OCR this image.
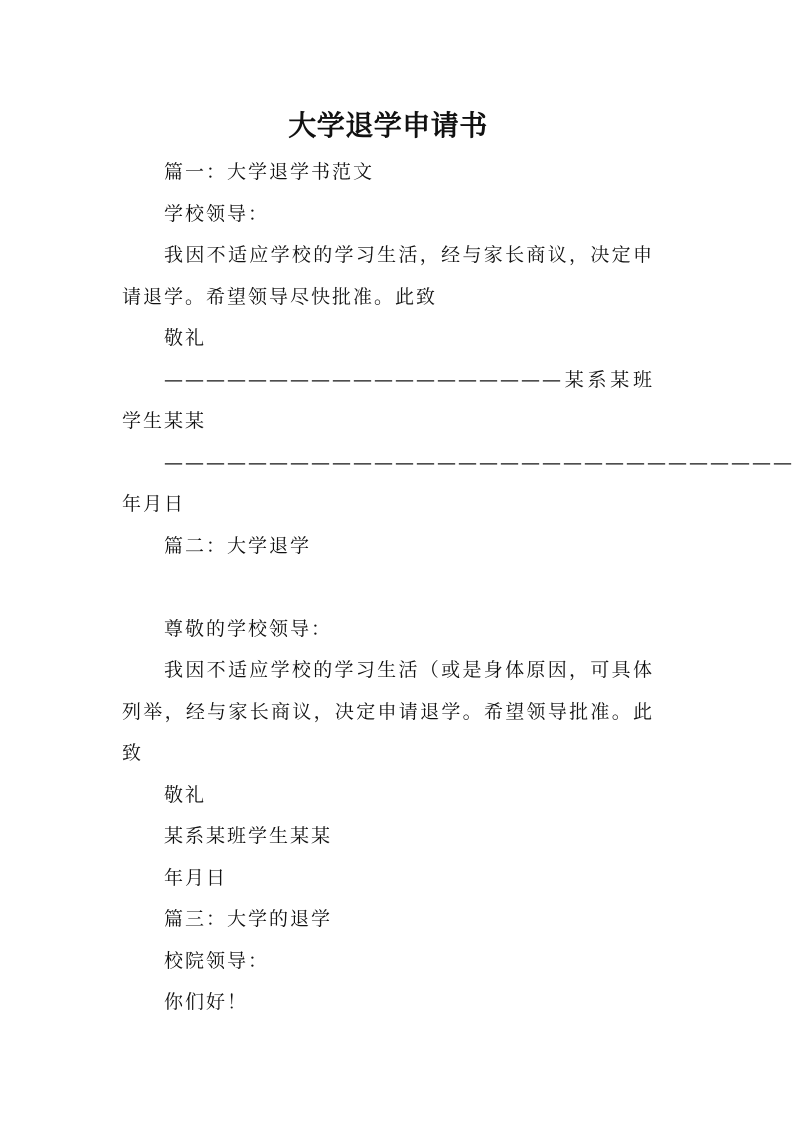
大学退学申请书

篇一：大学退学书范文

学校领导：

我因不适应学校的学习生活，经与家长商议，决定申请退学。希望领导尽快批准。此致

敬礼

———————————————————某系某班学生某某

——————————————————————————————年月日

篇二：大学退学

尊敬的学校领导：

我因不适应学校的学习生活（或是身体原因，可具体列举，经与家长商议，决定申请退学。希望领导批准。此致

敬礼

某系某班学生某某

年月日

篇三：大学的退学

校院领导：

你们好！
